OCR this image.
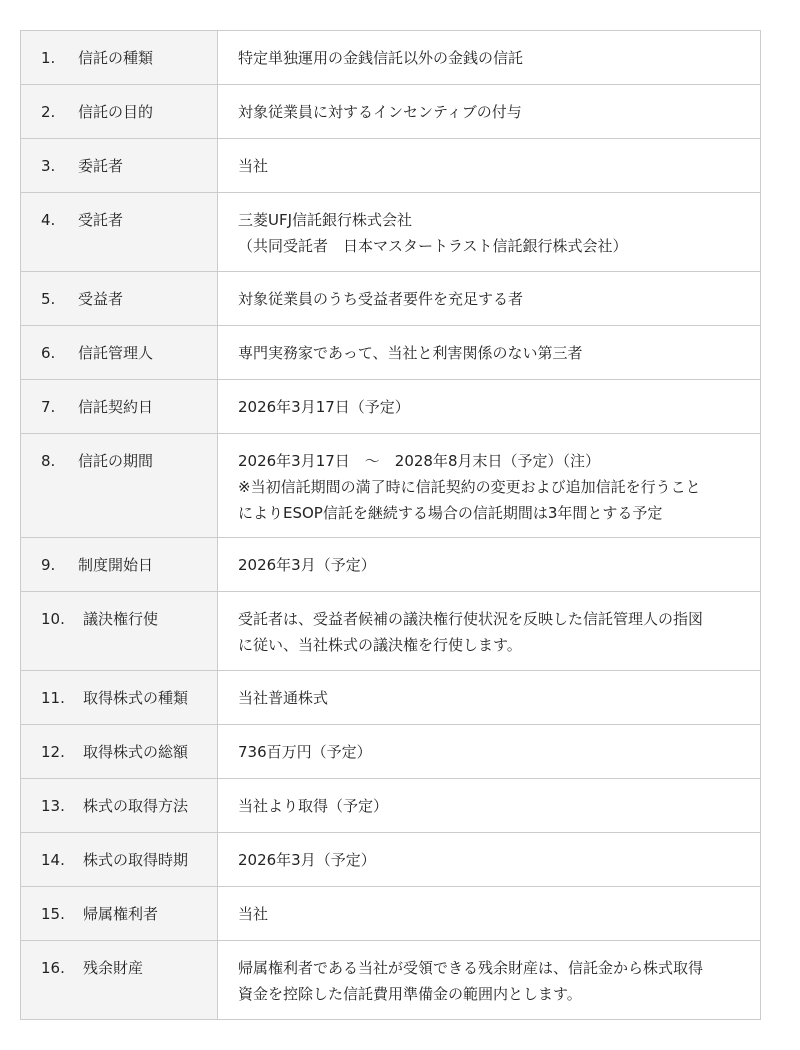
1. 信託の種類	特定単独運用の金銭信託以外の金銭の信託

2. 信託の目的	対象従業員に対するインセンティブの付与

3. 委託者	当社

4. 受託者	三菱UFJ信託銀行株式会社
（共同受託者　日本マスタートラスト信託銀行株式会社）

5. 受益者	対象従業員のうち受益者要件を充足する者

6. 信託管理人	専門実務家であって、当社と利害関係のない第三者

7. 信託契約日	2026年3月17日（予定）

8. 信託の期間	2026年3月17日　～　2028年8月末日（予定）（注）
※当初信託期間の満了時に信託契約の変更および追加信託を行うこと
によりESOP信託を継続する場合の信託期間は3年間とする予定

9. 制度開始日	2026年3月（予定）

10. 議決権行使	受託者は、受益者候補の議決権行使状況を反映した信託管理人の指図
に従い、当社株式の議決権を行使します。

11. 取得株式の種類	当社普通株式

12. 取得株式の総額	736百万円（予定）

13. 株式の取得方法	当社より取得（予定）

14. 株式の取得時期	2026年3月（予定）

15. 帰属権利者	当社

16. 残余財産	帰属権利者である当社が受領できる残余財産は、信託金から株式取得
資金を控除した信託費用準備金の範囲内とします。
